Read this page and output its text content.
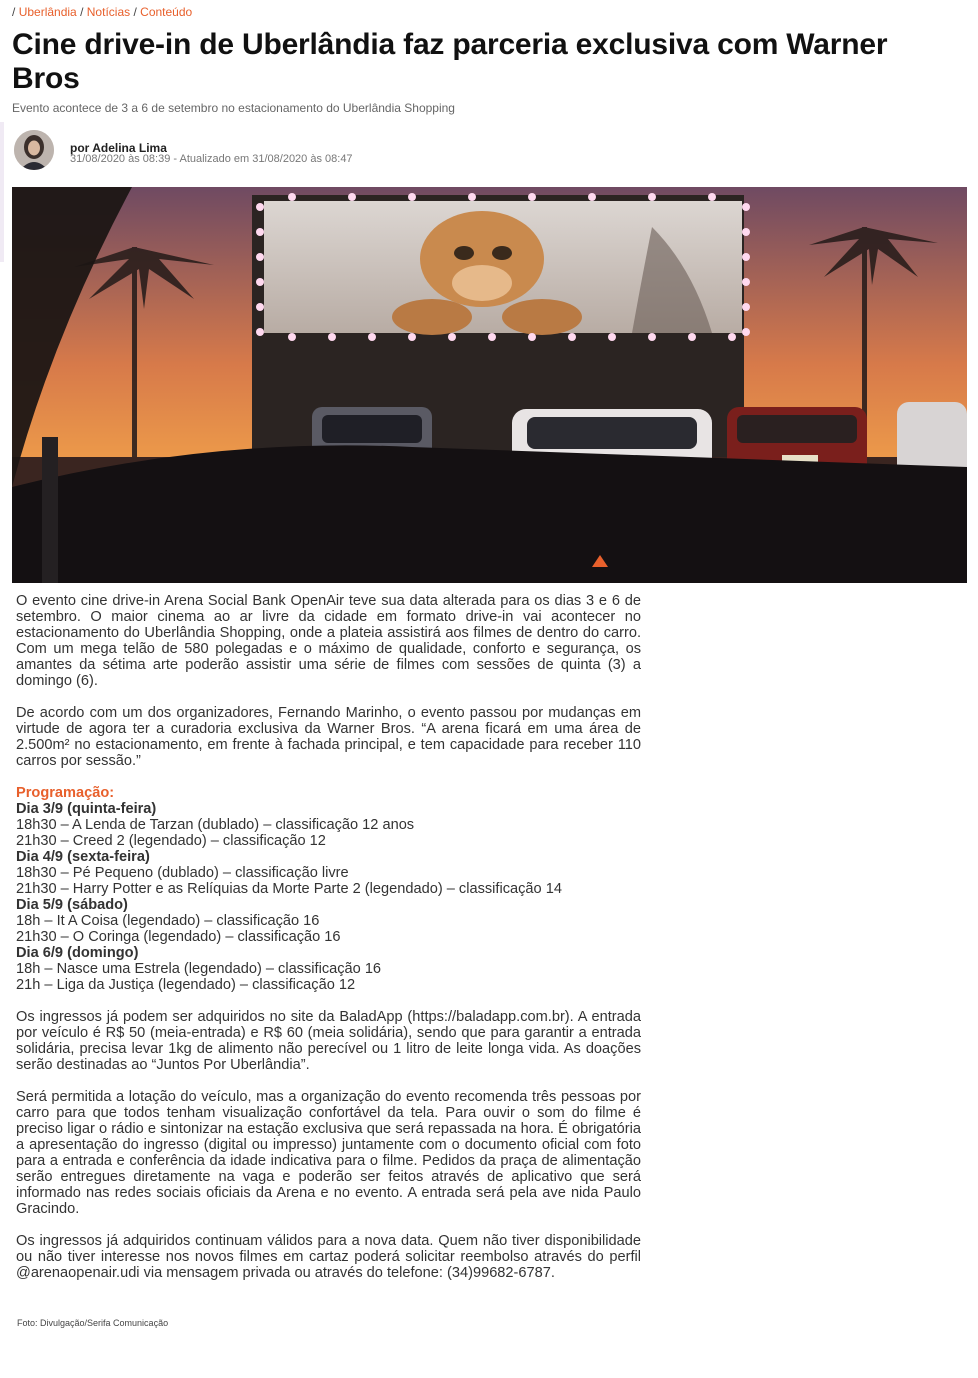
/ Uberlândia / Notícias / Conteúdo
Cine drive-in de Uberlândia faz parceria exclusiva com Warner Bros

Evento acontece de 3 a 6 de setembro no estacionamento do Uberlândia Shopping

por Adelina Lima
31/08/2020 às 08:39 - Atualizado em 31/08/2020 às 08:47

O evento cine drive-in Arena Social Bank OpenAir teve sua data alterada para os dias 3 e 6 de setembro. O maior cinema ao ar livre da cidade em formato drive-in vai acontecer no estacionamento do Uberlândia Shopping, onde a plateia assistirá aos filmes de dentro do carro. Com um mega telão de 580 polegadas e o máximo de qualidade, conforto e segurança, os amantes da sétima arte poderão assistir uma série de filmes com sessões de quinta (3) a domingo (6).

De acordo com um dos organizadores, Fernando Marinho, o evento passou por mudanças em virtude de agora ter a curadoria exclusiva da Warner Bros. “A arena ficará em uma área de 2.500m² no estacionamento, em frente à fachada principal, e tem capacidade para receber 110 carros por sessão.”

Programação:
Dia 3/9 (quinta-feira)
18h30 – A Lenda de Tarzan (dublado) – classificação 12 anos
21h30 – Creed 2 (legendado) – classificação 12
Dia 4/9 (sexta-feira)
18h30 – Pé Pequeno (dublado) – classificação livre
21h30 – Harry Potter e as Relíquias da Morte Parte 2 (legendado) – classificação 14
Dia 5/9 (sábado)
18h – It A Coisa (legendado) – classificação 16
21h30 – O Coringa (legendado) – classificação 16
Dia 6/9 (domingo)
18h – Nasce uma Estrela (legendado) – classificação 16
21h – Liga da Justiça (legendado) – classificação 12

Os ingressos já podem ser adquiridos no site da BaladApp (https://baladapp.com.br). A entrada por veículo é R$ 50 (meia-entrada) e R$ 60 (meia solidária), sendo que para garantir a entrada solidária, precisa levar 1kg de alimento não perecível ou 1 litro de leite longa vida. As doações serão destinadas ao “Juntos Por Uberlândia”.

Será permitida a lotação do veículo, mas a organização do evento recomenda três pessoas por carro para que todos tenham visualização confortável da tela. Para ouvir o som do filme é preciso ligar o rádio e sintonizar na estação exclusiva que será repassada na hora. É obrigatória a apresentação do ingresso (digital ou impresso) juntamente com o documento oficial com foto para a entrada e conferência da idade indicativa para o filme. Pedidos da praça de alimentação serão entregues diretamente na vaga e poderão ser feitos através de aplicativo que será informado nas redes sociais oficiais da Arena e no evento. A entrada será pela ave nida Paulo Gracindo.

Os ingressos já adquiridos continuam válidos para a nova data. Quem não tiver disponibilidade ou não tiver interesse nos novos filmes em cartaz poderá solicitar reembolso através do perfil @arenaopenair.udi via mensagem privada ou através do telefone: (34)99682-6787.

Foto: Divulgação/Serifa Comunicação
